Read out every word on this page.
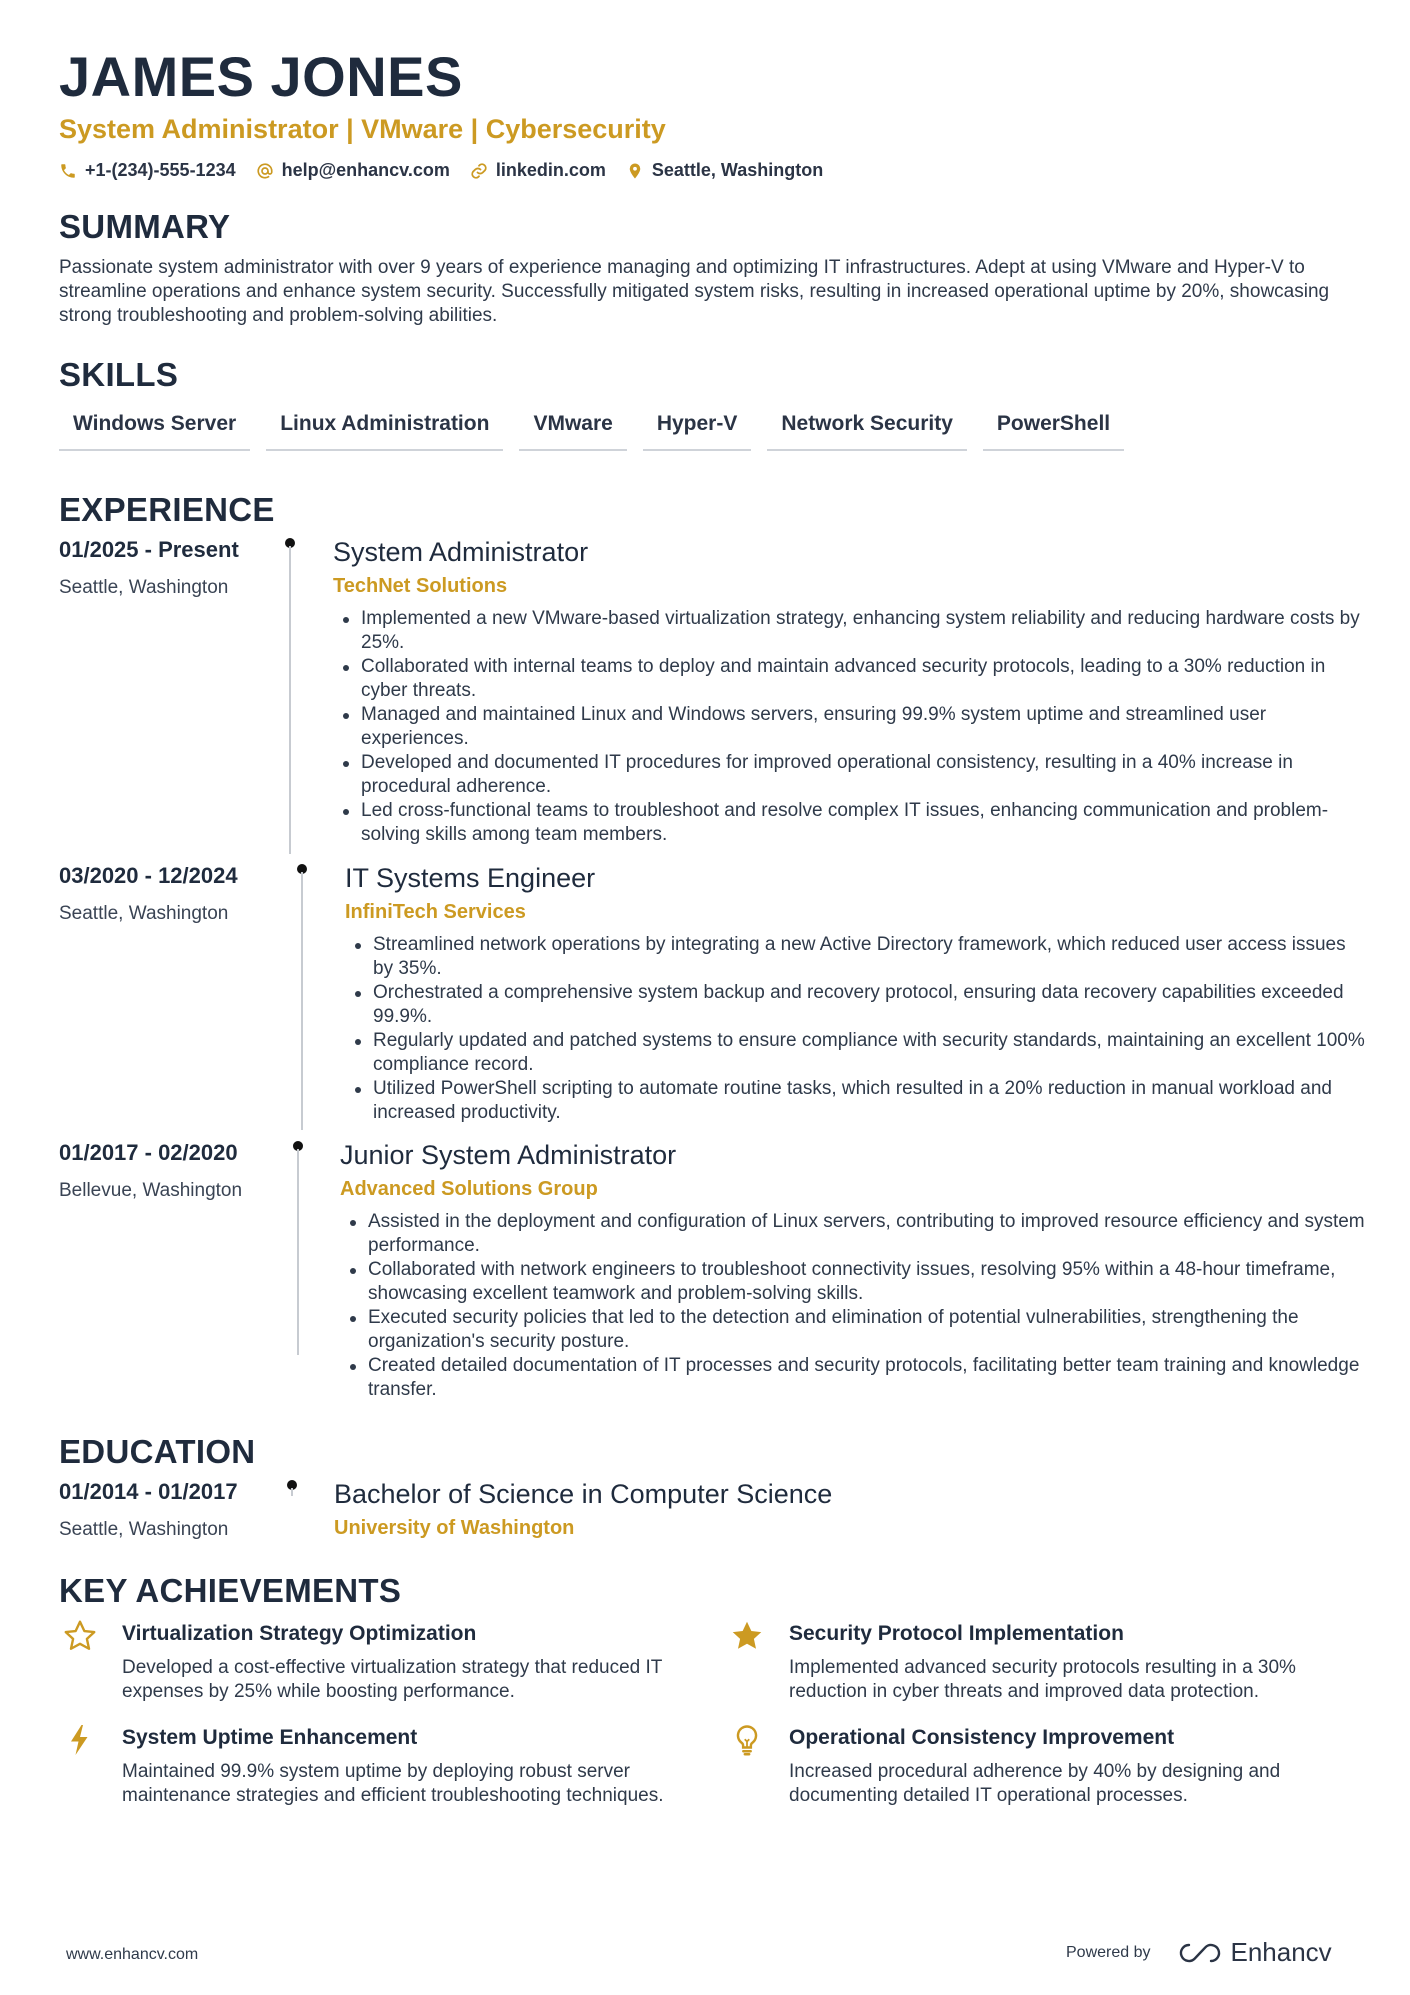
JAMES JONES
System Administrator | VMware | Cybersecurity
+1-(234)-555-1234	help@enhancv.com	linkedin.com	Seattle, Washington
SUMMARY
Passionate system administrator with over 9 years of experience managing and optimizing IT infrastructures. Adept at using VMware and Hyper-V to streamline operations and enhance system security. Successfully mitigated system risks, resulting in increased operational uptime by 20%, showcasing strong troubleshooting and problem-solving abilities.
SKILLS
Windows Server	Linux Administration	VMware	Hyper-V	Network Security	PowerShell
EXPERIENCE
01/2025 - Present
Seattle, Washington
System Administrator
TechNet Solutions
Implemented a new VMware-based virtualization strategy, enhancing system reliability and reducing hardware costs by 25%.
Collaborated with internal teams to deploy and maintain advanced security protocols, leading to a 30% reduction in cyber threats.
Managed and maintained Linux and Windows servers, ensuring 99.9% system uptime and streamlined user experiences.
Developed and documented IT procedures for improved operational consistency, resulting in a 40% increase in procedural adherence.
Led cross-functional teams to troubleshoot and resolve complex IT issues, enhancing communication and problem-solving skills among team members.
03/2020 - 12/2024
Seattle, Washington
IT Systems Engineer
InfiniTech Services
Streamlined network operations by integrating a new Active Directory framework, which reduced user access issues by 35%.
Orchestrated a comprehensive system backup and recovery protocol, ensuring data recovery capabilities exceeded 99.9%.
Regularly updated and patched systems to ensure compliance with security standards, maintaining an excellent 100% compliance record.
Utilized PowerShell scripting to automate routine tasks, which resulted in a 20% reduction in manual workload and increased productivity.
01/2017 - 02/2020
Bellevue, Washington
Junior System Administrator
Advanced Solutions Group
Assisted in the deployment and configuration of Linux servers, contributing to improved resource efficiency and system performance.
Collaborated with network engineers to troubleshoot connectivity issues, resolving 95% within a 48-hour timeframe, showcasing excellent teamwork and problem-solving skills.
Executed security policies that led to the detection and elimination of potential vulnerabilities, strengthening the organization's security posture.
Created detailed documentation of IT processes and security protocols, facilitating better team training and knowledge transfer.
EDUCATION
01/2014 - 01/2017
Seattle, Washington
Bachelor of Science in Computer Science
University of Washington
KEY ACHIEVEMENTS
Virtualization Strategy Optimization
Developed a cost-effective virtualization strategy that reduced IT expenses by 25% while boosting performance.
Security Protocol Implementation
Implemented advanced security protocols resulting in a 30% reduction in cyber threats and improved data protection.
System Uptime Enhancement
Maintained 99.9% system uptime by deploying robust server maintenance strategies and efficient troubleshooting techniques.
Operational Consistency Improvement
Increased procedural adherence by 40% by designing and documenting detailed IT operational processes.
www.enhancv.com	Powered by	Enhancv
